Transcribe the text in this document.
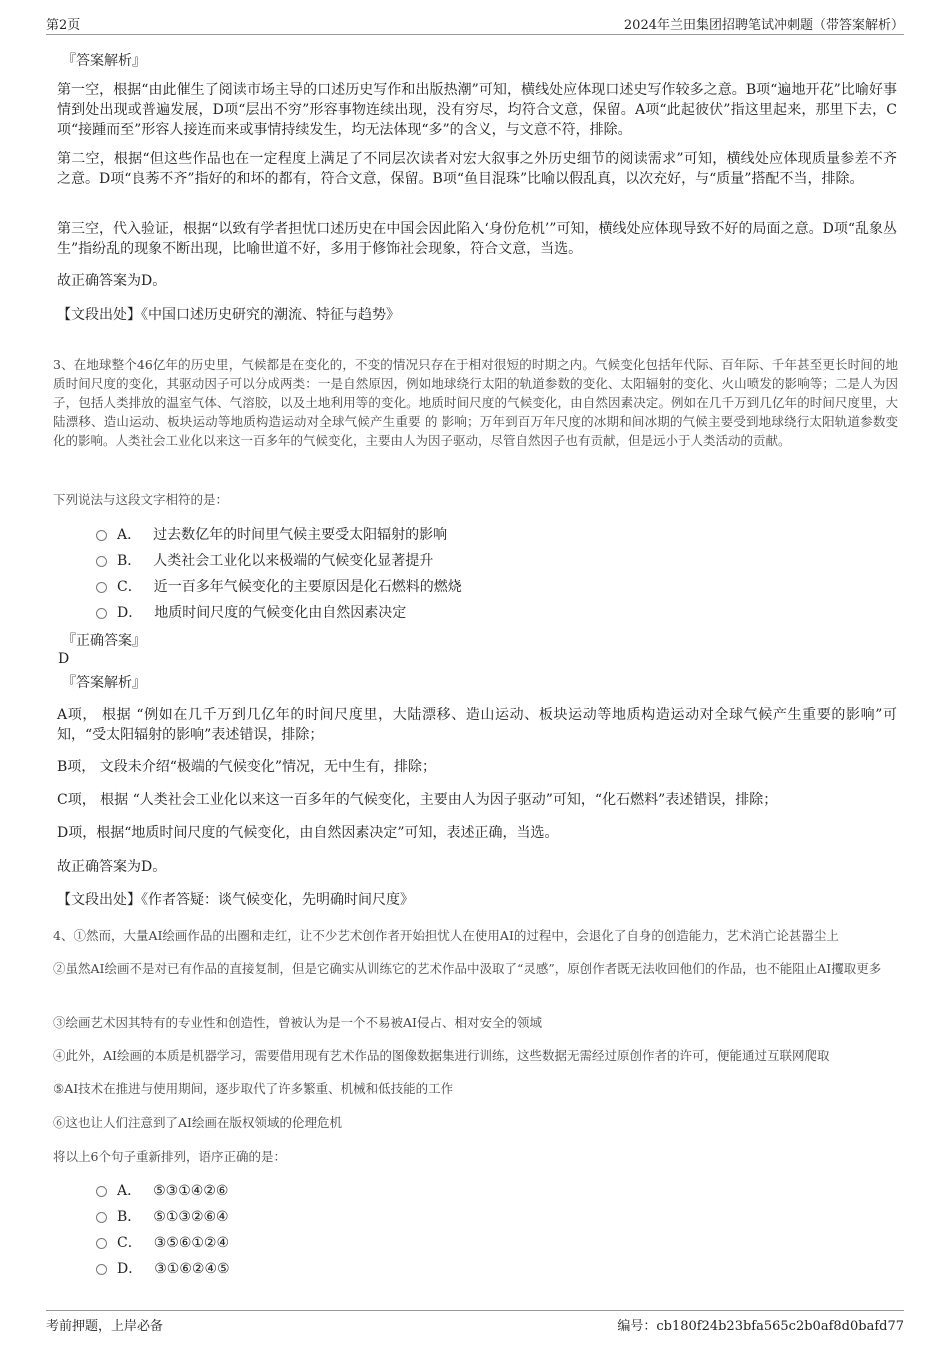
第2页	2024年兰田集团招聘笔试冲刺题（带答案解析）
『答案解析』
第一空，根据“由此催生了阅读市场主导的口述历史写作和出版热潮”可知，横线处应体现口述史写作较多之意。B项“遍地开花”比喻好事情到处出现或普遍发展，D项“层出不穷”形容事物连续出现，没有穷尽，均符合文意，保留。A项“此起彼伏”指这里起来，那里下去，C项“接踵而至”形容人接连而来或事情持续发生，均无法体现“多”的含义，与文意不符，排除。
第二空，根据“但这些作品也在一定程度上满足了不同层次读者对宏大叙事之外历史细节的阅读需求”可知，横线处应体现质量参差不齐之意。D项“良莠不齐”指好的和坏的都有，符合文意，保留。B项“鱼目混珠”比喻以假乱真，以次充好，与“质量”搭配不当，排除。
第三空，代入验证，根据“以致有学者担忧口述历史在中国会因此陷入‘身份危机’”可知，横线处应体现导致不好的局面之意。D项“乱象丛生”指纷乱的现象不断出现，比喻世道不好，多用于修饰社会现象，符合文意，当选。
故正确答案为D。
【文段出处】《中国口述历史研究的潮流、特征与趋势》
3、在地球整个46亿年的历史里，气候都是在变化的，不变的情况只存在于相对很短的时期之内。气候变化包括年代际、百年际、千年甚至更长时间的地质时间尺度的变化，其驱动因子可以分成两类：一是自然原因，例如地球绕行太阳的轨道参数的变化、太阳辐射的变化、火山喷发的影响等；二是人为因子，包括人类排放的温室气体、气溶胶，以及土地利用等的变化。地质时间尺度的气候变化，由自然因素决定。例如在几千万到几亿年的时间尺度里，大陆漂移、造山运动、板块运动等地质构造运动对全球气候产生重要 的 影响；万年到百万年尺度的冰期和间冰期的气候主要受到地球绕行太阳轨道参数变化的影响。人类社会工业化以来这一百多年的气候变化，主要由人为因子驱动，尽管自然因子也有贡献，但是远小于人类活动的贡献。
下列说法与这段文字相符的是：
A． 过去数亿年的时间里气候主要受太阳辐射的影响
B． 人类社会工业化以来极端的气候变化显著提升
C． 近一百多年气候变化的主要原因是化石燃料的燃烧
D． 地质时间尺度的气候变化由自然因素决定
『正确答案』
D
『答案解析』
A项， 根据 “例如在几千万到几亿年的时间尺度里，大陆漂移、造山运动、板块运动等地质构造运动对全球气候产生重要的影响”可知，“受太阳辐射的影响”表述错误，排除；
B项， 文段未介绍“极端的气候变化”情况，无中生有，排除；
C项， 根据 “人类社会工业化以来这一百多年的气候变化，主要由人为因子驱动”可知，“化石燃料”表述错误，排除；
D项，根据“地质时间尺度的气候变化，由自然因素决定”可知，表述正确，当选。
故正确答案为D。
【文段出处】《作者答疑：谈气候变化，先明确时间尺度》
4、①然而，大量AI绘画作品的出圈和走红，让不少艺术创作者开始担忧人在使用AI的过程中，会退化了自身的创造能力，艺术消亡论甚嚣尘上
②虽然AI绘画不是对已有作品的直接复制，但是它确实从训练它的艺术作品中汲取了“灵感”，原创作者既无法收回他们的作品，也不能阻止AI攫取更多
③绘画艺术因其特有的专业性和创造性，曾被认为是一个不易被AI侵占、相对安全的领域
④此外，AI绘画的本质是机器学习，需要借用现有艺术作品的图像数据集进行训练，这些数据无需经过原创作者的许可，便能通过互联网爬取
⑤AI技术在推进与使用期间，逐步取代了许多繁重、机械和低技能的工作
⑥这也让人们注意到了AI绘画在版权领域的伦理危机
将以上6个句子重新排列，语序正确的是：
A． ⑤③①④②⑥
B． ⑤①③②⑥④
C． ③⑤⑥①②④
D． ③①⑥②④⑤
考前押题，上岸必备	编号：cb180f24b23bfa565c2b0af8d0bafd77
